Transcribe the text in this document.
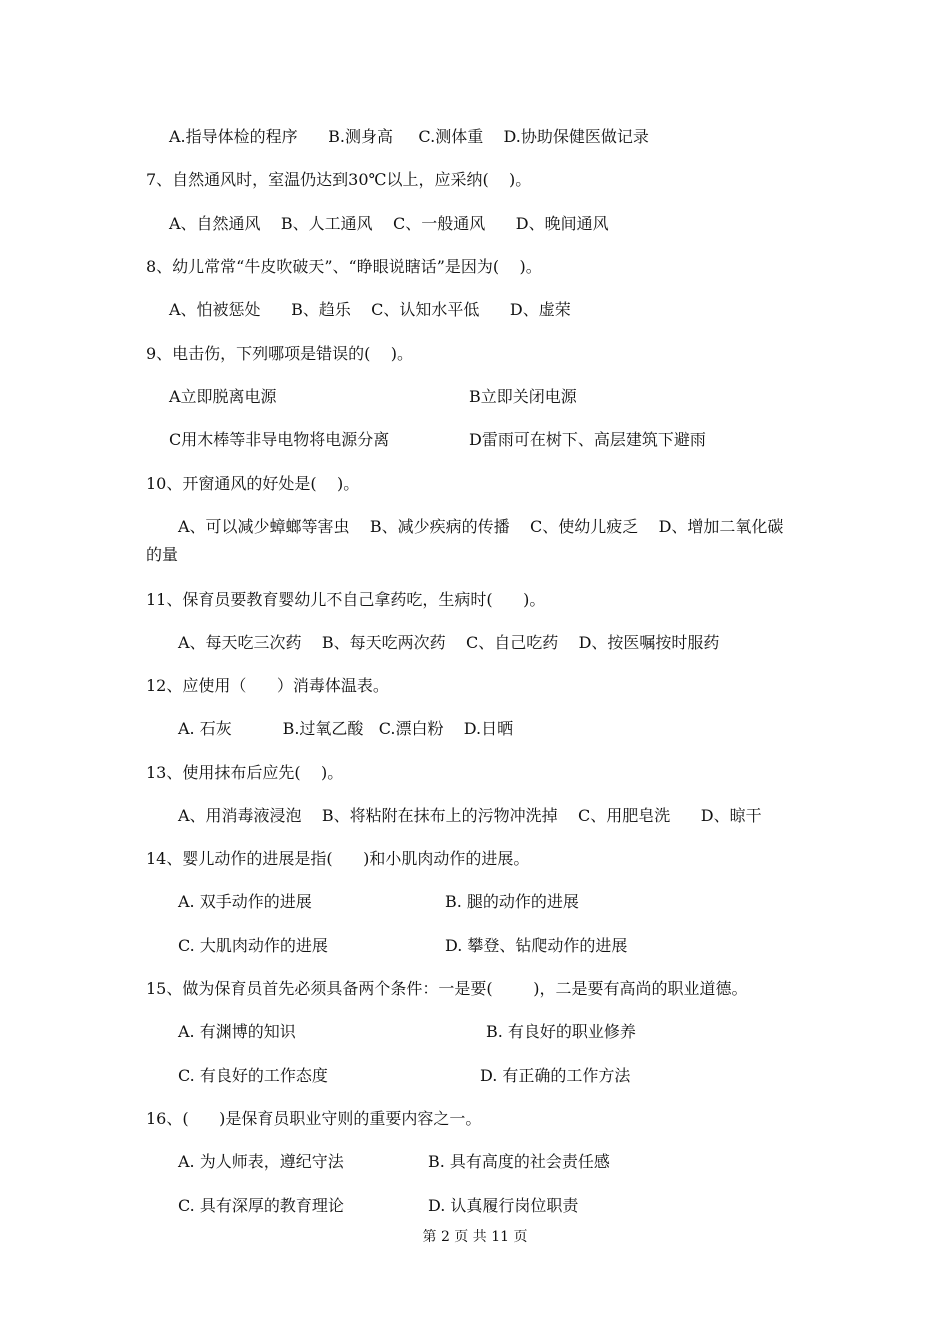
A.指导体检的程序      B.测身高     C.测体重    D.协助保健医做记录
7、自然通风时，室温仍达到30℃以上，应采纳(    )。
A、自然通风    B、人工通风    C、一般通风      D、晚间通风
8、幼儿常常“牛皮吹破天”、“睁眼说瞎话”是因为(    )。
A、怕被惩处      B、趋乐    C、认知水平低      D、虚荣
9、电击伤，下列哪项是错误的(    )。
A立即脱离电源	B立即关闭电源
C用木棒等非导电物将电源分离	D雷雨可在树下、高层建筑下避雨
10、开窗通风的好处是(    )。
A、可以减少蟑螂等害虫    B、减少疾病的传播    C、使幼儿疲乏    D、增加二氧化碳
的量
11、保育员要教育婴幼儿不自己拿药吃，生病时(      )。
A、每天吃三次药    B、每天吃两次药    C、自己吃药    D、按医嘱按时服药
12、应使用（      ）消毒体温表。
A. 石灰          B.过氧乙酸   C.漂白粉    D.日晒
13、使用抹布后应先(    )。
A、用消毒液浸泡    B、将粘附在抹布上的污物冲洗掉    C、用肥皂洗      D、晾干
14、婴儿动作的进展是指(      )和小肌肉动作的进展。
A. 双手动作的进展	B. 腿的动作的进展
C. 大肌肉动作的进展	D. 攀登、钻爬动作的进展
15、做为保育员首先必须具备两个条件：一是要(        )，二是要有高尚的职业道德。
A. 有渊博的知识	B. 有良好的职业修养
C. 有良好的工作态度	D. 有正确的工作方法
16、(      )是保育员职业守则的重要内容之一。
A. 为人师表，遵纪守法	B. 具有高度的社会责任感
C. 具有深厚的教育理论	D. 认真履行岗位职责
第 2 页 共 11 页
